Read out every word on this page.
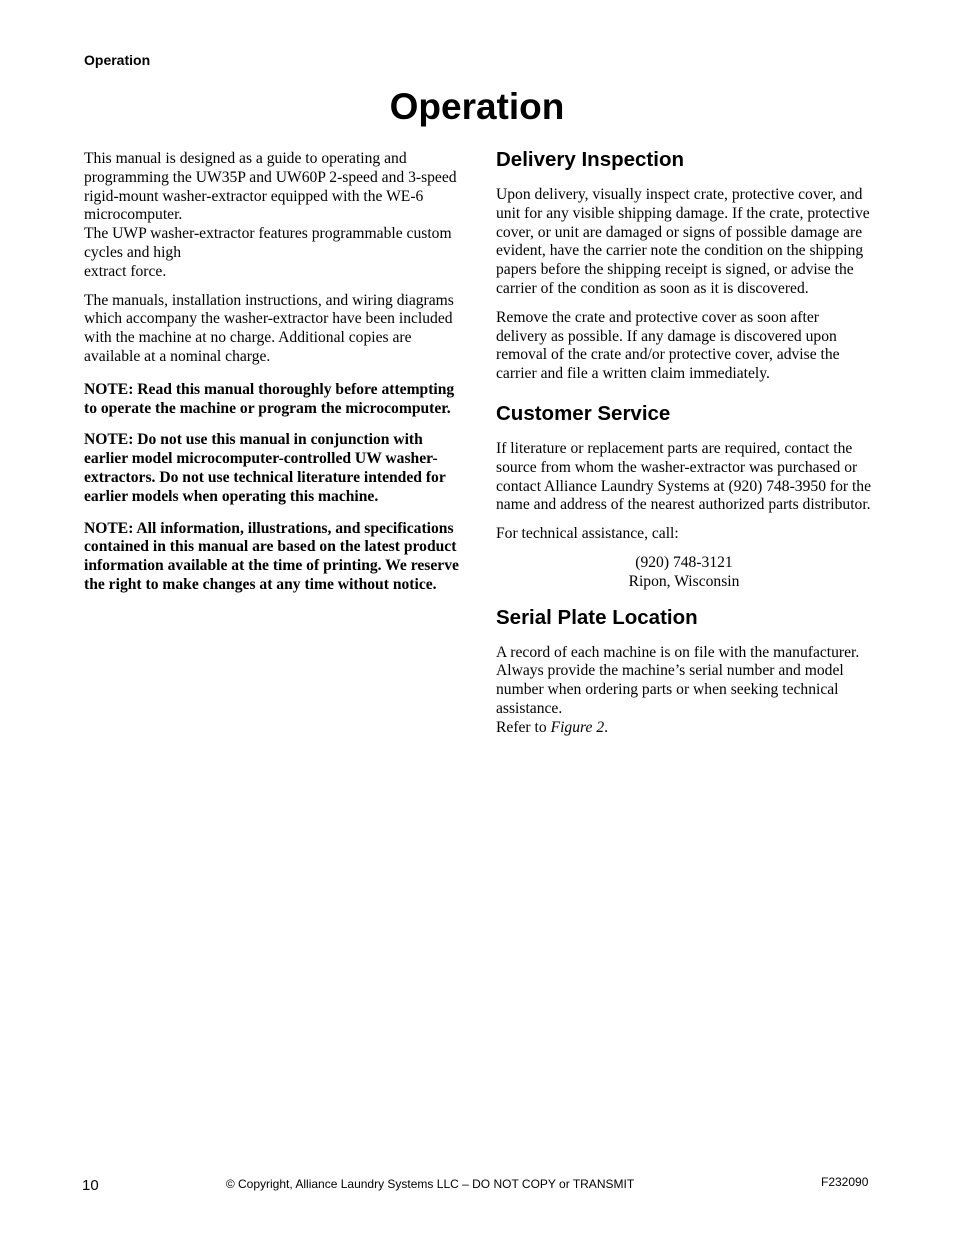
Operation
Operation

This manual is designed as a guide to operating and programming the UW35P and UW60P 2-speed and 3-speed rigid-mount washer-extractor equipped with the WE-6 microcomputer.
The UWP washer-extractor features programmable custom cycles and high
extract force.

The manuals, installation instructions, and wiring diagrams which accompany the washer-extractor have been included with the machine at no charge. Additional copies are available at a nominal charge.

NOTE: Read this manual thoroughly before attempting to operate the machine or program the microcomputer.

NOTE: Do not use this manual in conjunction with earlier model microcomputer-controlled UW washer-extractors. Do not use technical literature intended for earlier models when operating this machine.

NOTE: All information, illustrations, and specifications contained in this manual are based on the latest product information available at the time of printing. We reserve the right to make changes at any time without notice.

Delivery Inspection

Upon delivery, visually inspect crate, protective cover, and unit for any visible shipping damage. If the crate, protective cover, or unit are damaged or signs of possible damage are evident, have the carrier note the condition on the shipping papers before the shipping receipt is signed, or advise the carrier of the condition as soon as it is discovered.

Remove the crate and protective cover as soon after delivery as possible. If any damage is discovered upon removal of the crate and/or protective cover, advise the carrier and file a written claim immediately.

Customer Service

If literature or replacement parts are required, contact the source from whom the washer-extractor was purchased or contact Alliance Laundry Systems at (920) 748-3950 for the name and address of the nearest authorized parts distributor.

For technical assistance, call:

(920) 748-3121
Ripon, Wisconsin
Serial Plate Location

A record of each machine is on file with the manufacturer. Always provide the machine’s serial number and model number when ordering parts or when seeking technical assistance.
Refer to Figure 2.

10	© Copyright, Alliance Laundry Systems LLC – DO NOT COPY or TRANSMIT	F232090
